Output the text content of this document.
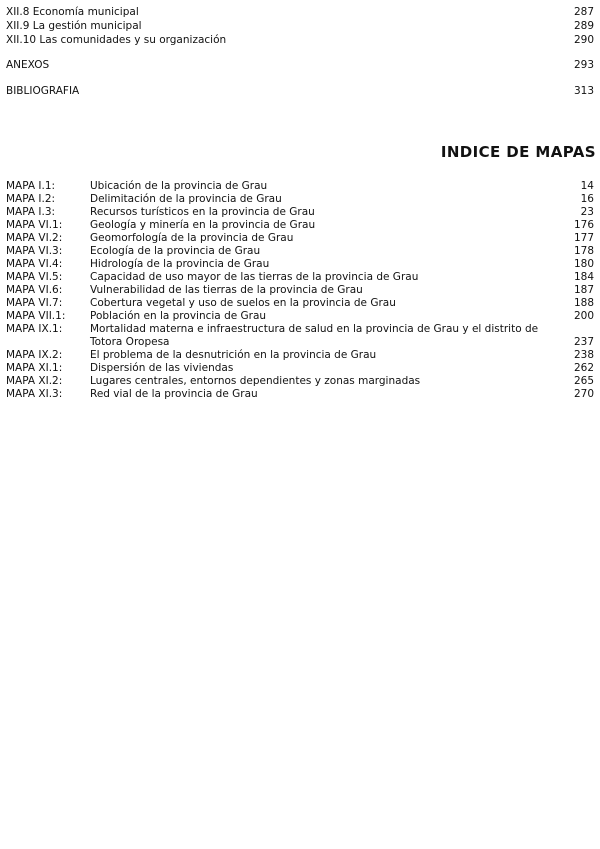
XII.8 Economía municipal	287
XII.9 La gestión municipal	289
XII.10 Las comunidades y su organización	290
ANEXOS	293
BIBLIOGRAFIA	313
INDICE DE MAPAS
MAPA I.1:	Ubicación de la provincia de Grau	14
MAPA I.2:	Delimitación de la provincia de Grau	16
MAPA I.3:	Recursos turísticos en la provincia de Grau	23
MAPA VI.1:	Geología y minería en la provincia de Grau	176
MAPA VI.2:	Geomorfología de la provincia de Grau	177
MAPA VI.3:	Ecología de la provincia de Grau	178
MAPA VI.4:	Hidrología de la provincia de Grau	180
MAPA VI.5:	Capacidad de uso mayor de las tierras de la provincia de Grau	184
MAPA VI.6:	Vulnerabilidad de las tierras de la provincia de Grau	187
MAPA VI.7:	Cobertura vegetal y uso de suelos en la provincia de Grau	188
MAPA VII.1: Población en la provincia de Grau	200
MAPA IX.1:	Mortalidad materna e infraestructura de salud en la provincia de Grau y el distrito de Totora Oropesa	237
MAPA IX.2:	El problema de la desnutrición en la provincia de Grau	238
MAPA XI.1:	Dispersión de las viviendas	262
MAPA XI.2:	Lugares centrales, entornos dependientes y zonas marginadas	265
MAPA XI.3:	Red vial de la provincia de Grau	270
